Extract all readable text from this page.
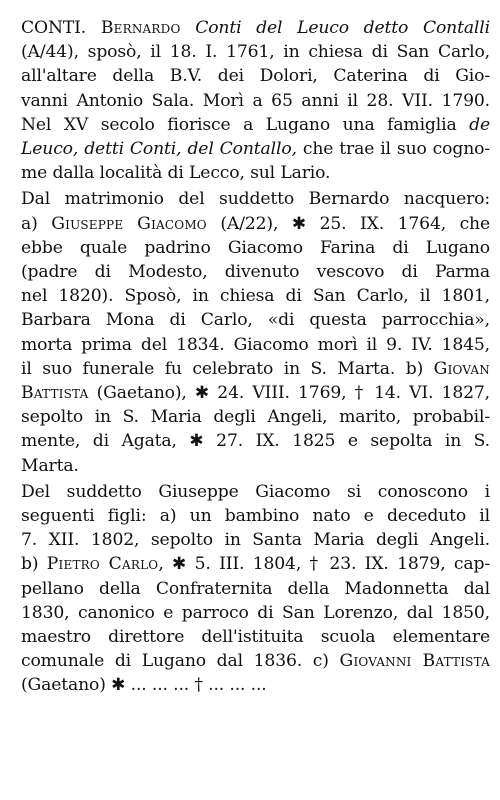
CONTI. Bernardo Conti del Leuco detto Contalli
(A/44), sposò, il 18. I. 1761, in chiesa di San Carlo,
all'altare della B.V. dei Dolori, Caterina di Gio-
vanni Antonio Sala. Morì a 65 anni il 28. VII. 1790.
Nel XV secolo fiorisce a Lugano una famiglia de
Leuco, detti Conti, del Contallo, che trae il suo cogno-
me dalla località di Lecco, sul Lario.
Dal matrimonio del suddetto Bernardo nacquero:
a) Giuseppe Giacomo (A/22), ✱ 25. IX. 1764, che
ebbe quale padrino Giacomo Farina di Lugano
(padre di Modesto, divenuto vescovo di Parma
nel 1820). Sposò, in chiesa di San Carlo, il 1801,
Barbara Mona di Carlo, «di questa parrocchia»,
morta prima del 1834. Giacomo morì il 9. IV. 1845,
il suo funerale fu celebrato in S. Marta. b) Giovan
Battista (Gaetano), ✱ 24. VIII. 1769, † 14. VI. 1827,
sepolto in S. Maria degli Angeli, marito, probabil-
mente, di Agata, ✱ 27. IX. 1825 e sepolta in S.
Marta.
Del suddetto Giuseppe Giacomo si conoscono i
seguenti figli: a) un bambino nato e deceduto il
7. XII. 1802, sepolto in Santa Maria degli Angeli.
b) Pietro Carlo, ✱ 5. III. 1804, † 23. IX. 1879, cap-
pellano della Confraternita della Madonnetta dal
1830, canonico e parroco di San Lorenzo, dal 1850,
maestro direttore dell'istituita scuola elementare
comunale di Lugano dal 1836. c) Giovanni Battista
(Gaetano) ✱ ... ... ... † ... ... ...
